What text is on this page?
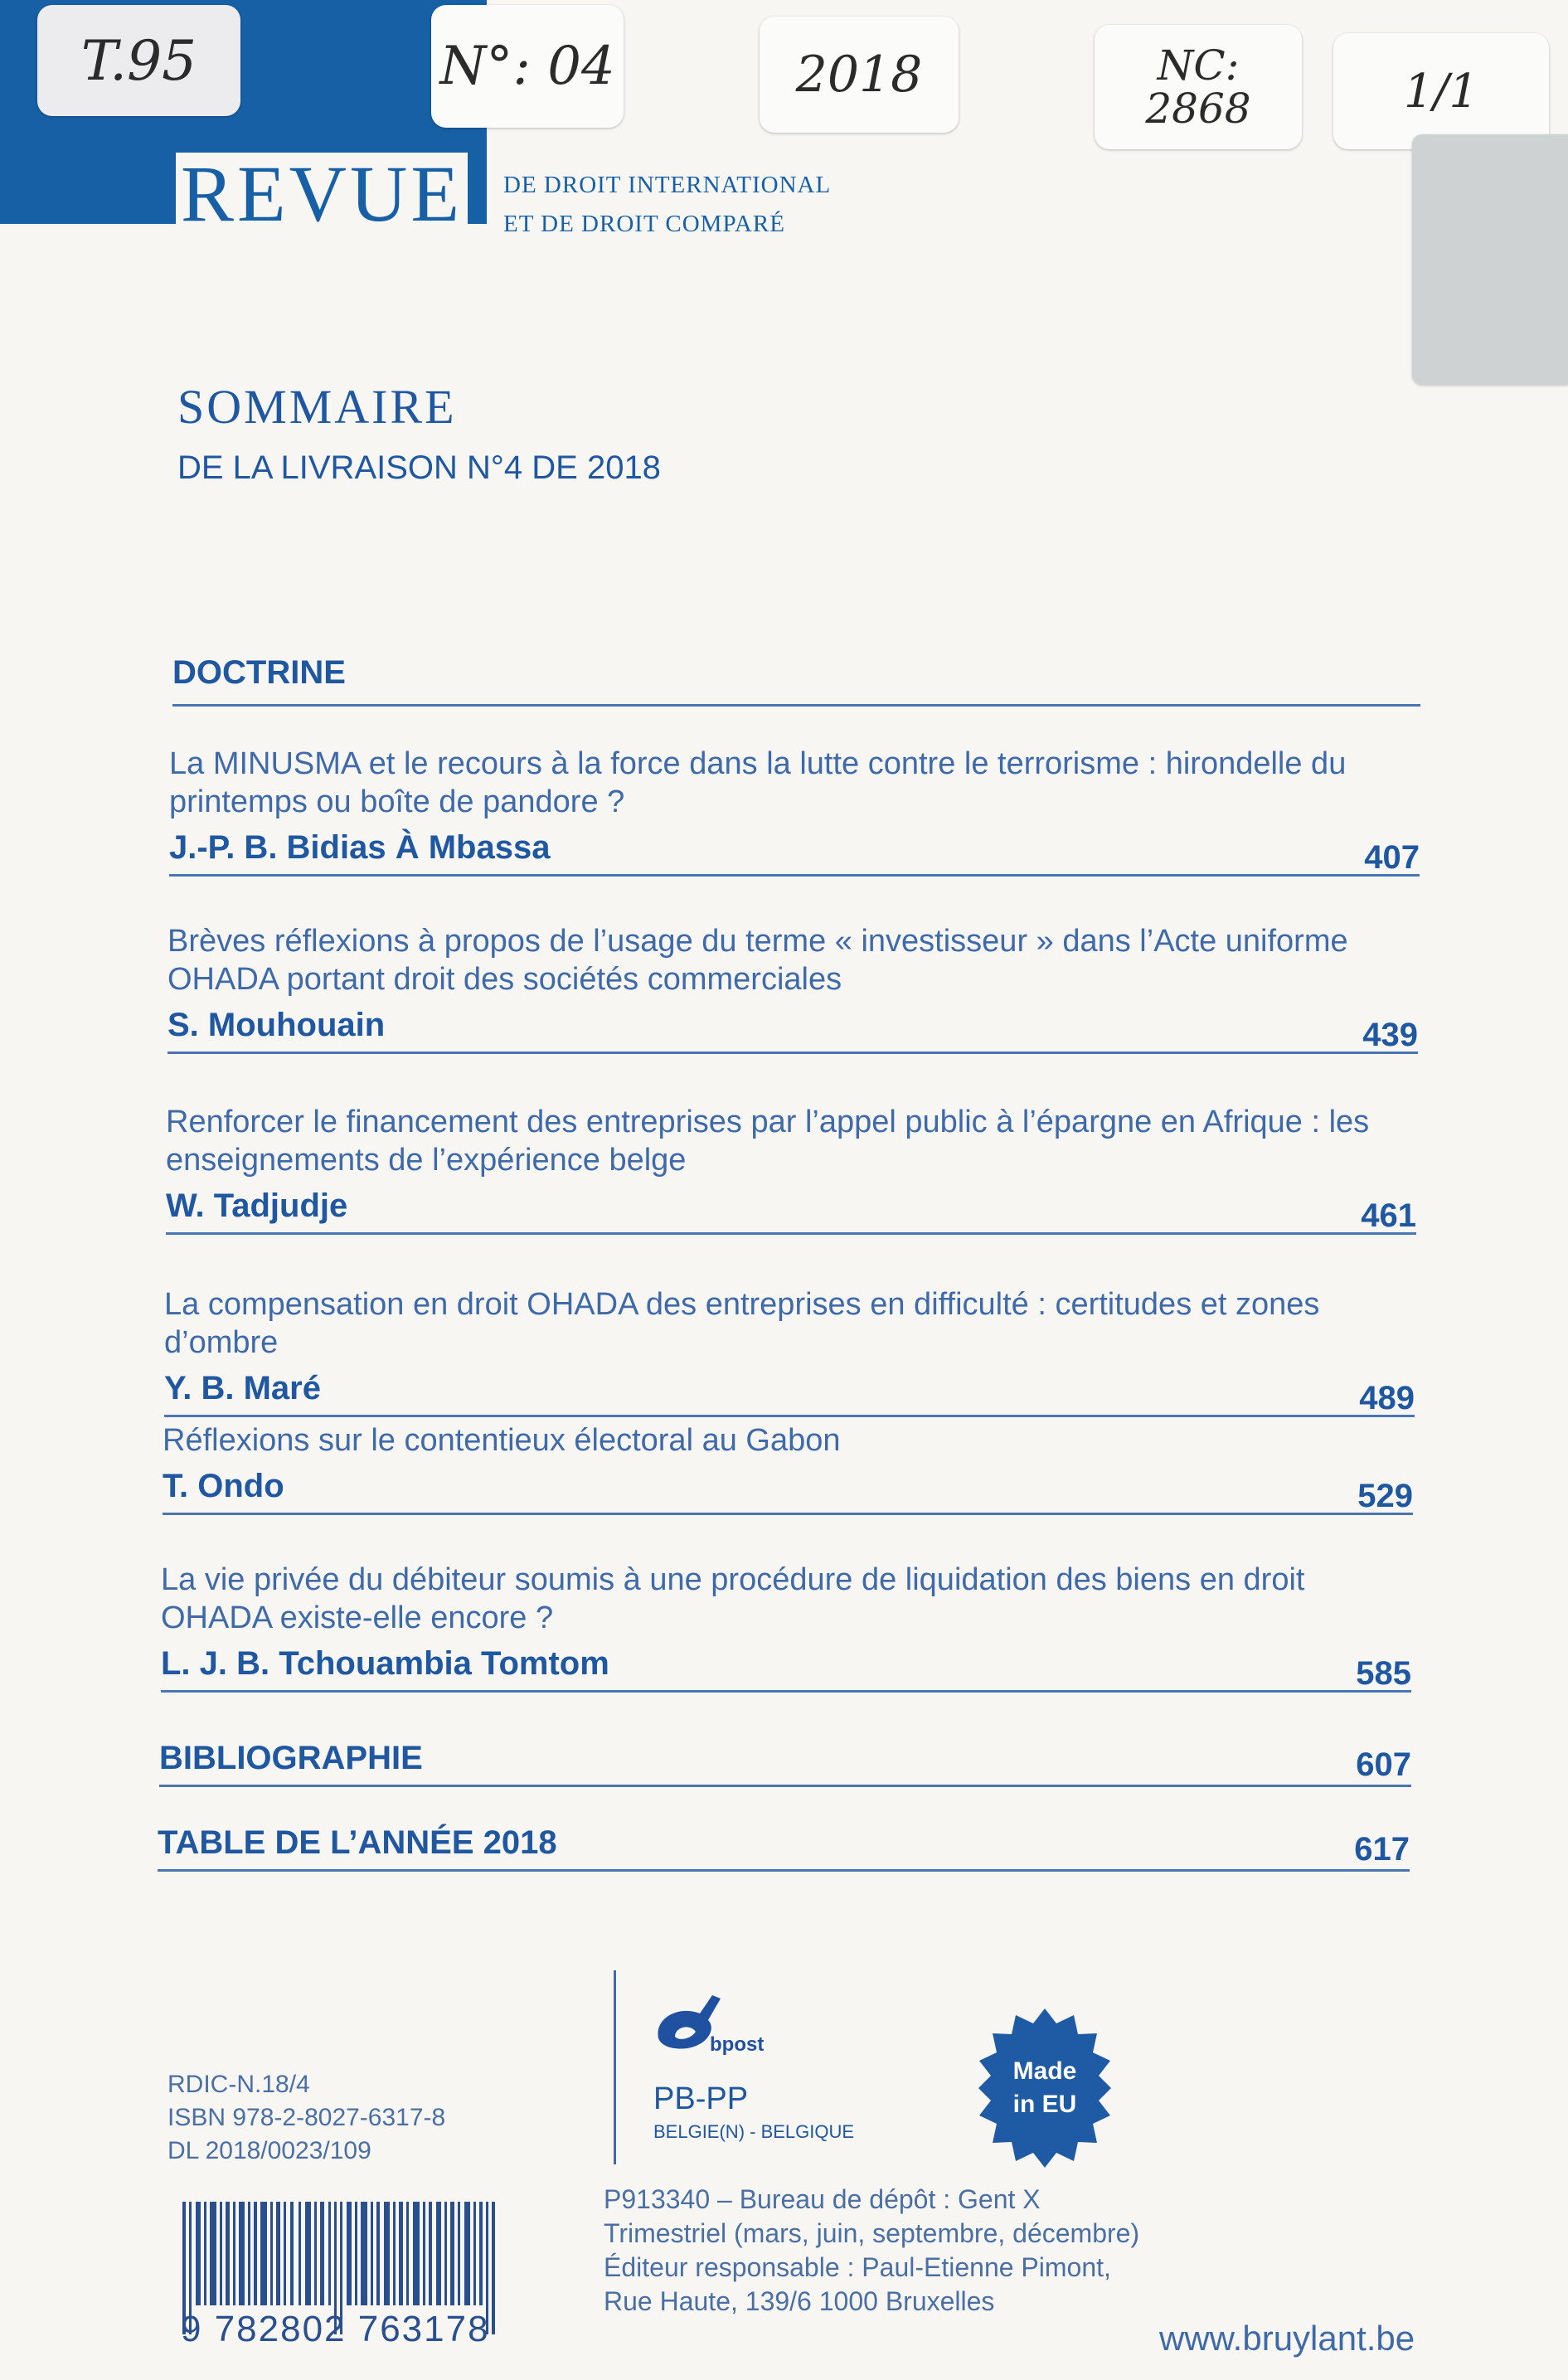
REVUE DE DROIT INTERNATIONAL
ET DE DROIT COMPARÉ
T.95	N°: 04	2018	NC:
2868	1/1
SOMMAIRE
DE LA LIVRAISON N°4 DE 2018
DOCTRINE
La MINUSMA et le recours à la force dans la lutte contre le terrorisme : hirondelle du printemps ou boîte de pandore ?
J.-P. B. Bidias À Mbassa	407
Brèves réflexions à propos de l’usage du terme « investisseur » dans l’Acte uniforme OHADA portant droit des sociétés commerciales
S. Mouhouain	439
Renforcer le financement des entreprises par l’appel public à l’épargne en Afrique : les enseignements de l’expérience belge
W. Tadjudje	461
La compensation en droit OHADA des entreprises en difficulté : certitudes et zones d’ombre
Y. B. Maré	489
Réflexions sur le contentieux électoral au Gabon
T. Ondo	529
La vie privée du débiteur soumis à une procédure de liquidation des biens en droit OHADA existe-elle encore ?
L. J. B. Tchouambia Tomtom	585
BIBLIOGRAPHIE	607
TABLE DE L’ANNÉE 2018	617
RDIC-N.18/4
ISBN 978-2-8027-6317-8
DL 2018/0023/109
9 782802 763178
bpost
PB-PP
BELGIE(N) - BELGIQUE
Made
in EU
P913340 – Bureau de dépôt : Gent X
Trimestriel (mars, juin, septembre, décembre)
Éditeur responsable : Paul-Etienne Pimont,
Rue Haute, 139/6 1000 Bruxelles
www.bruylant.be
